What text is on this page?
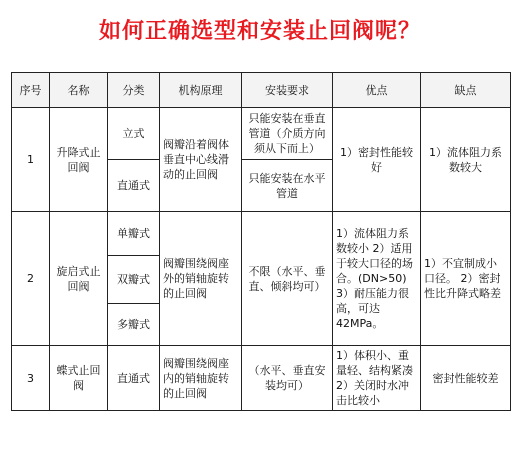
如何正确选型和安装止回阀呢？
序号	名称	分类	机构原理	安装要求	优点	缺点
1	升降式止回阀	立式	阀瓣沿着阀体垂直中心线滑动的止回阀	只能安装在垂直管道（介质方向须从下而上）	1）密封性能较好	1）流体阻力系数较大
		直通式		只能安装在水平管道		
2	旋启式止回阀	单瓣式	阀瓣围绕阀座外的销轴旋转的止回阀	不限（水平、垂直、倾斜均可）	1）流体阻力系数较小 2）适用于较大口径的场合。(DN>50) 3）耐压能力很高，可达42MPa。	1）不宜制成小口径。 2）密封性比升降式略差
		双瓣式				
		多瓣式				
3	蝶式止回阀	直通式	阀瓣围绕阀座内的销轴旋转的止回阀	（水平、垂直安装均可）	1）体积小、重量轻、结构紧凑 2）关闭时水冲击比较小	密封性能较差
